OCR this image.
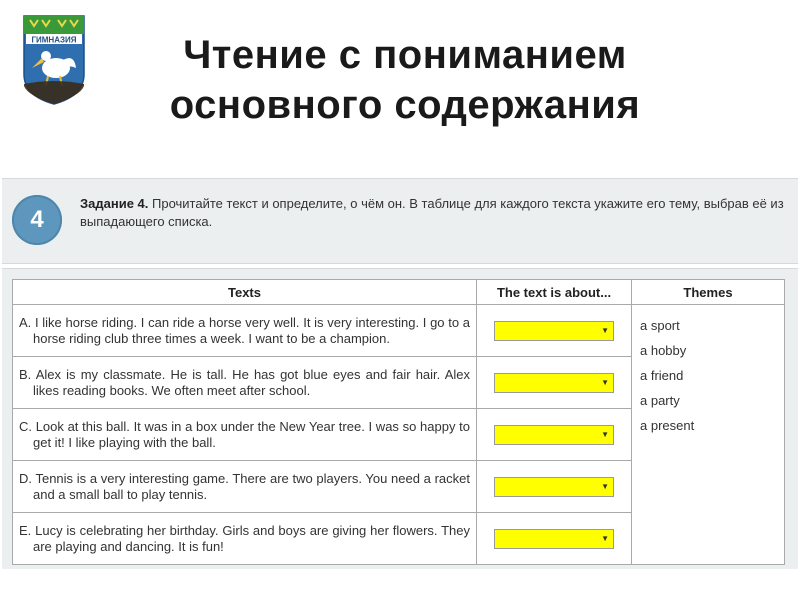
ГИМНАЗИЯ	Чтение с пониманием
основного содержания
4
Задание 4. Прочитайте текст и определите, о чём он. В таблице для каждого текста укажите его тему, выбрав её из выпадающего списка.
Texts	The text is about...	Themes
A. I like horse riding. I can ride a horse very well. It is very interesting. I go to a horse riding club three times a week. I want to be a champion.	▼	a sport
a hobby
a friend
a party
a present

B. Alex is my classmate. He is tall. He has got blue eyes and fair hair. Alex likes reading books. We often meet after school.	▼	

C. Look at this ball. It was in a box under the New Year tree. I was so happy to get it! I like playing with the ball.	▼	

D. Tennis is a very interesting game. There are two players. You need a racket and a small ball to play tennis.	▼	

E. Lucy is celebrating her birthday. Girls and boys are giving her flowers. They are playing and dancing. It is fun!	▼	
